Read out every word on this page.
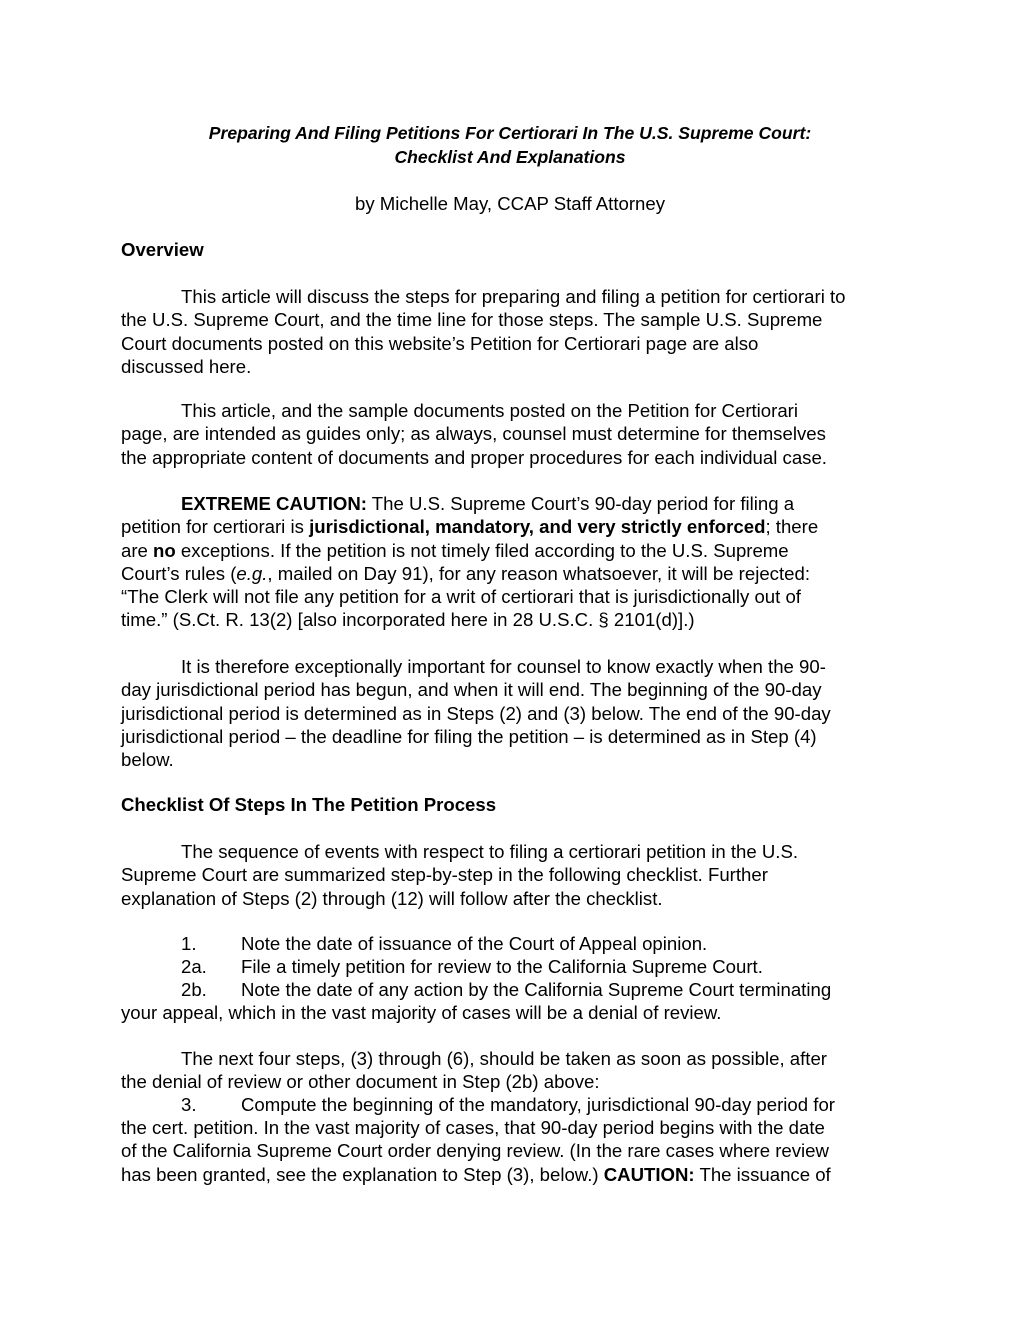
Preparing And Filing Petitions For Certiorari In The U.S. Supreme Court:
Checklist And Explanations
by Michelle May, CCAP Staff Attorney
Overview

This article will discuss the steps for preparing and filing a petition for certiorari to
the U.S. Supreme Court, and the time line for those steps. The sample U.S. Supreme
Court documents posted on this website’s Petition for Certiorari page are also
discussed here.

This article, and the sample documents posted on the Petition for Certiorari
page, are intended as guides only; as always, counsel must determine for themselves
the appropriate content of documents and proper procedures for each individual case.

EXTREME CAUTION: The U.S. Supreme Court’s 90-day period for filing a
petition for certiorari is jurisdictional, mandatory, and very strictly enforced; there
are no exceptions. If the petition is not timely filed according to the U.S. Supreme
Court’s rules (e.g., mailed on Day 91), for any reason whatsoever, it will be rejected:
“The Clerk will not file any petition for a writ of certiorari that is jurisdictionally out of
time.” (S.Ct. R. 13(2) [also incorporated here in 28 U.S.C. § 2101(d)].)

It is therefore exceptionally important for counsel to know exactly when the 90-
day jurisdictional period has begun, and when it will end. The beginning of the 90-day
jurisdictional period is determined as in Steps (2) and (3) below. The end of the 90-day
jurisdictional period – the deadline for filing the petition – is determined as in Step (4)
below.

Checklist Of Steps In The Petition Process

The sequence of events with respect to filing a certiorari petition in the U.S.
Supreme Court are summarized step-by-step in the following checklist. Further
explanation of Steps (2) through (12) will follow after the checklist.

1. Note the date of issuance of the Court of Appeal opinion.
2a. File a timely petition for review to the California Supreme Court.
2b. Note the date of any action by the California Supreme Court terminating
your appeal, which in the vast majority of cases will be a denial of review.

The next four steps, (3) through (6), should be taken as soon as possible, after
the denial of review or other document in Step (2b) above:

3. Compute the beginning of the mandatory, jurisdictional 90-day period for
the cert. petition. In the vast majority of cases, that 90-day period begins with the date
of the California Supreme Court order denying review. (In the rare cases where review
has been granted, see the explanation to Step (3), below.) CAUTION: The issuance of
